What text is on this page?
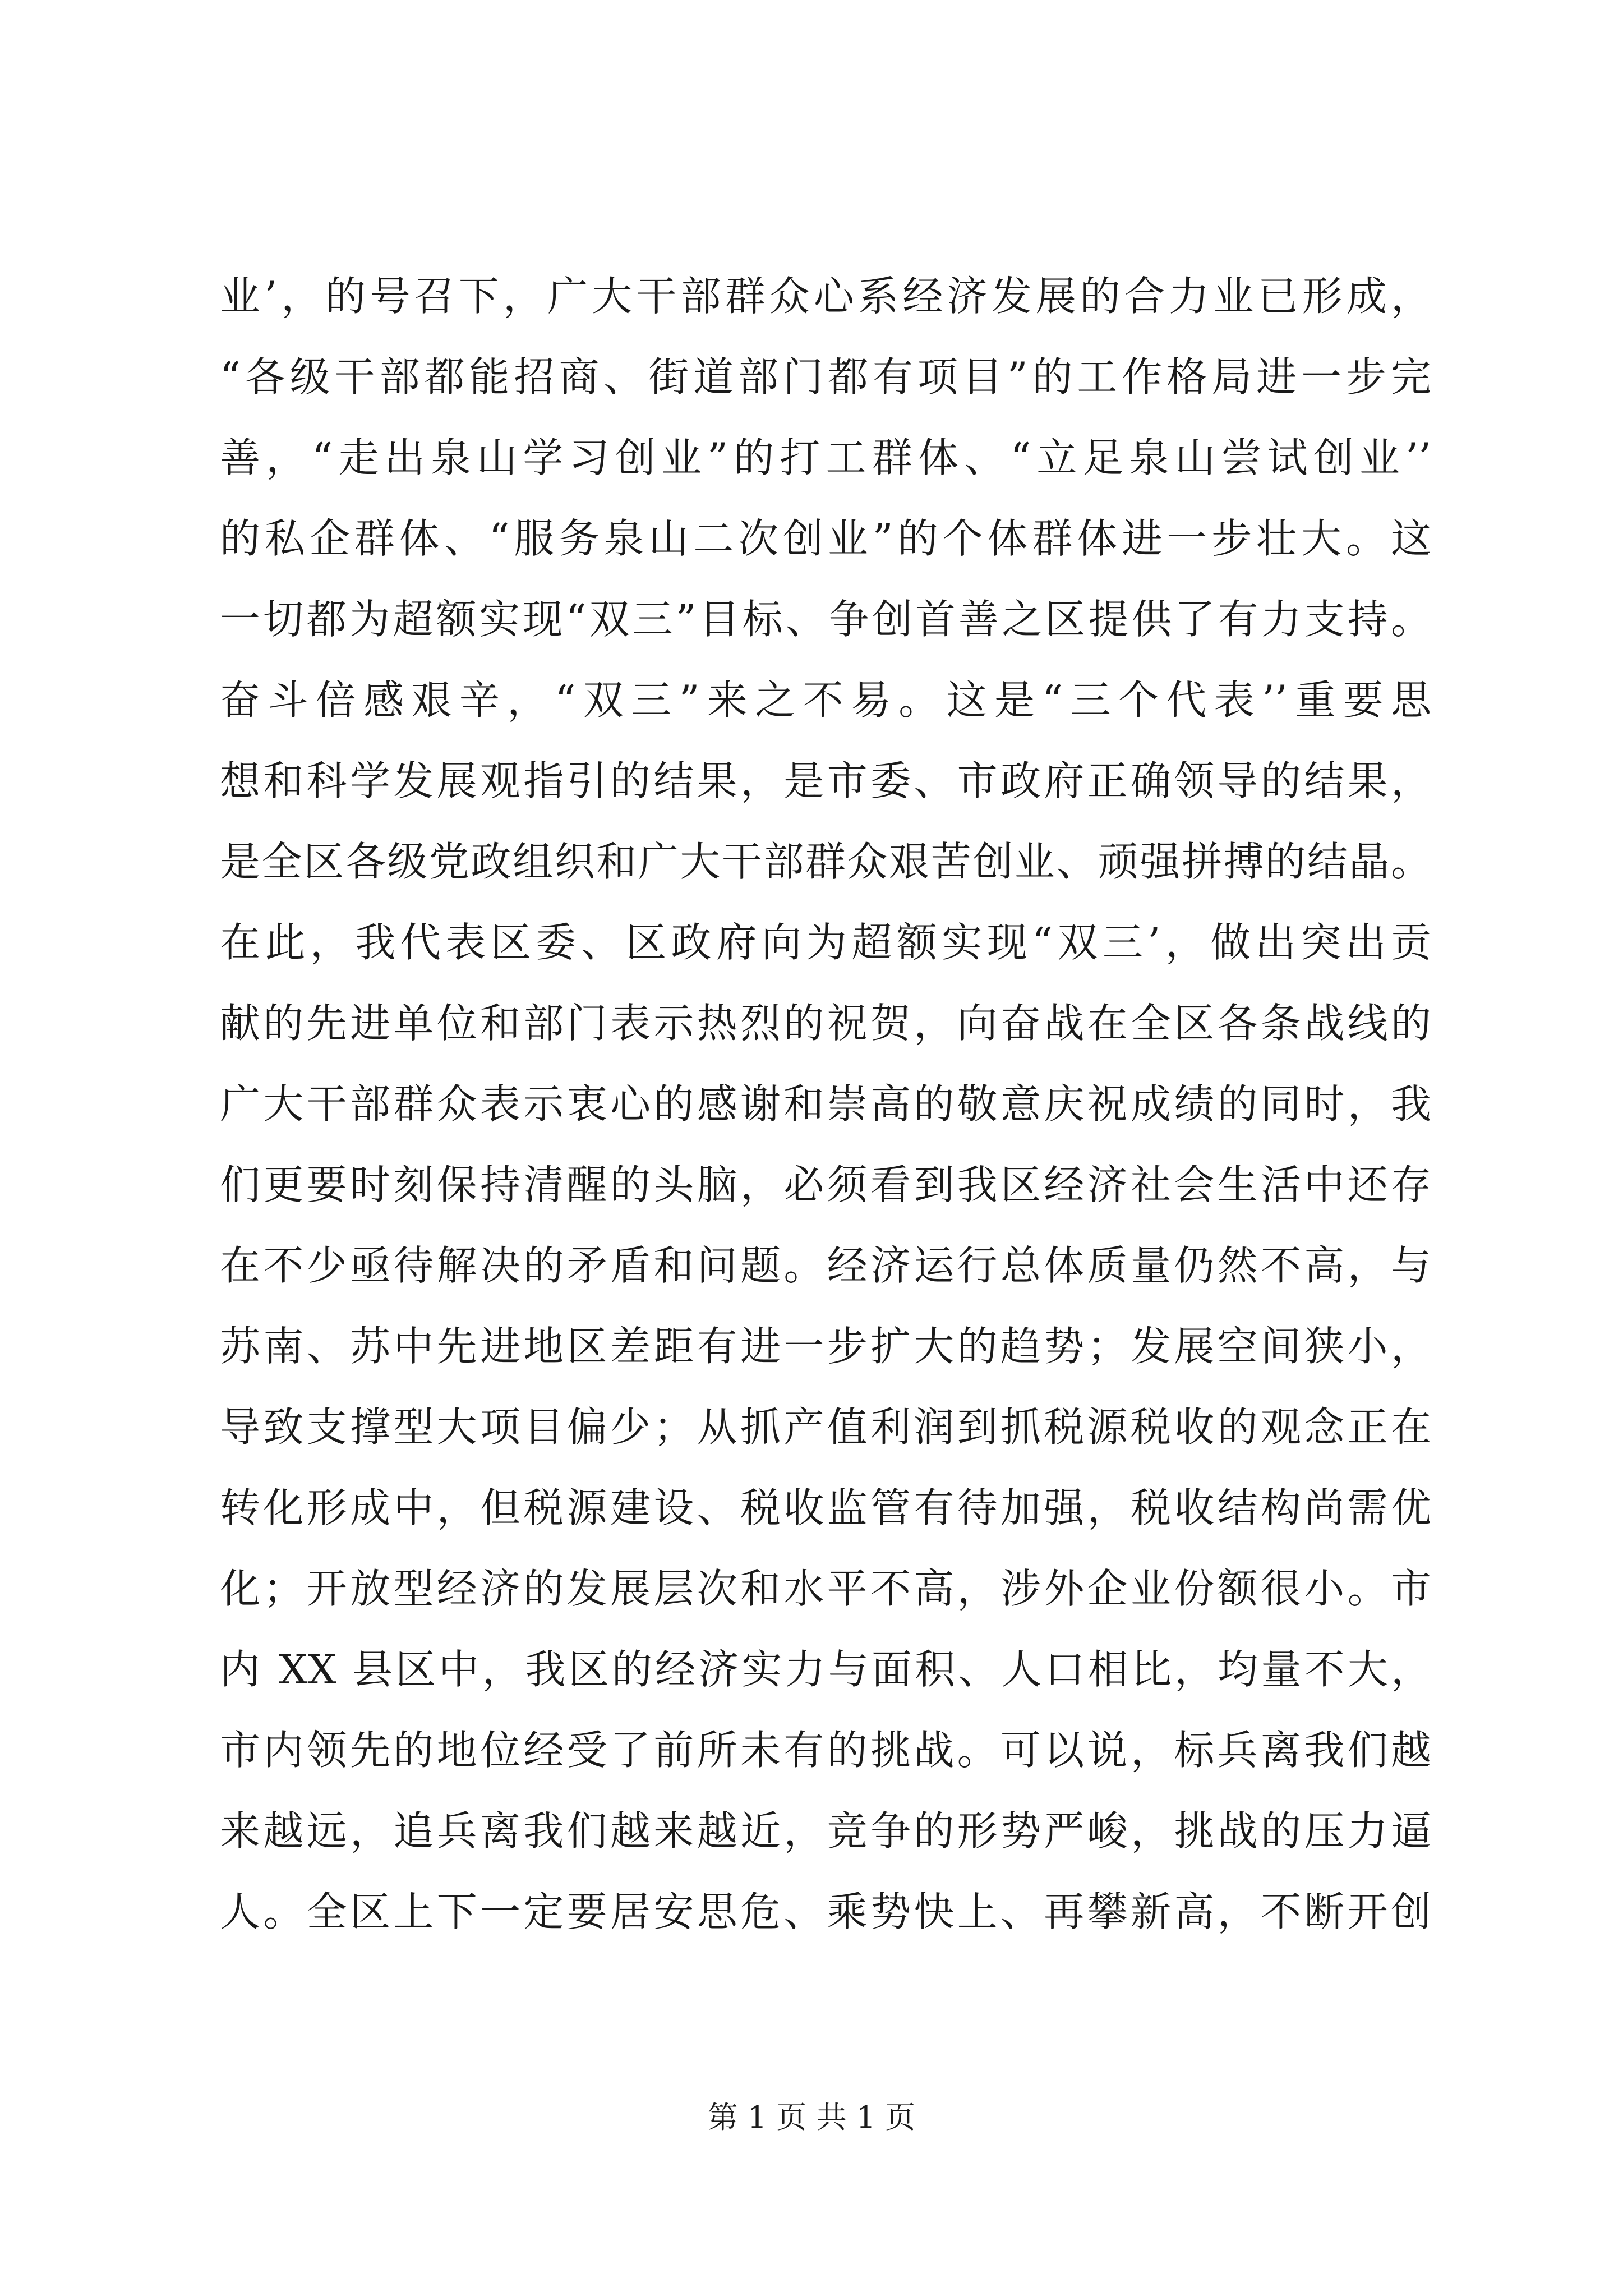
业’，的号召下，广大干部群众心系经济发展的合力业已形成，
“各级干部都能招商、街道部门都有项目”的工作格局进一步完
善，“走出泉山学习创业”的打工群体、“立足泉山尝试创业’’
的私企群体、“服务泉山二次创业”的个体群体进一步壮大。这
一切都为超额实现“双三”目标、争创首善之区提供了有力支持。
奋斗倍感艰辛，“双三”来之不易。这是“三个代表’’重要思
想和科学发展观指引的结果，是市委、市政府正确领导的结果，
是全区各级党政组织和广大干部群众艰苦创业、顽强拼搏的结晶。
在此，我代表区委、区政府向为超额实现“双三’，做出突出贡
献的先进单位和部门表示热烈的祝贺，向奋战在全区各条战线的
广大干部群众表示衷心的感谢和崇高的敬意庆祝成绩的同时，我
们更要时刻保持清醒的头脑，必须看到我区经济社会生活中还存
在不少亟待解决的矛盾和问题。经济运行总体质量仍然不高，与
苏南、苏中先进地区差距有进一步扩大的趋势；发展空间狭小，
导致支撑型大项目偏少；从抓产值利润到抓税源税收的观念正在
转化形成中，但税源建设、税收监管有待加强，税收结构尚需优
化；开放型经济的发展层次和水平不高，涉外企业份额很小。市
内 XX 县区中，我区的经济实力与面积、人口相比，均量不大，
市内领先的地位经受了前所未有的挑战。可以说，标兵离我们越
来越远，追兵离我们越来越近，竞争的形势严峻，挑战的压力逼
人。全区上下一定要居安思危、乘势快上、再攀新高，不断开创
第 1 页 共 1 页
